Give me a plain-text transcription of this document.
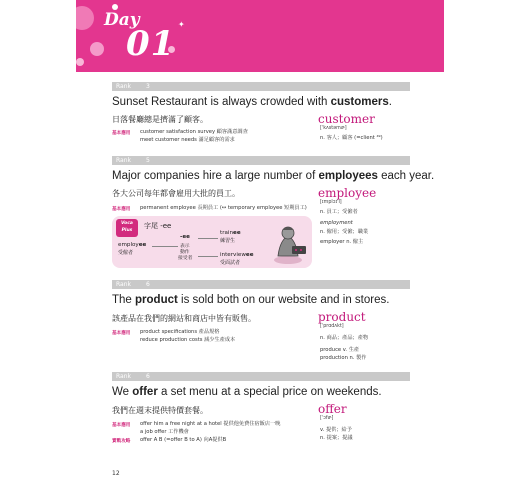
Day
01 ✦
Rank	3
Sunset Restaurant is always crowded with customers.
日落餐廳總是擠滿了顧客。
基本應用 customer satisfaction survey 顧客滿意調查
meet customer needs 滿足顧客的需求
customer
[ˈkʌstəmɚ]
n. 客人；顧客 (=client ⁴⁹)
Rank	5
Major companies hire a large number of employees each year.
各大公司每年都會雇用大批的員工。
基本應用 permanent employee 長期員工 (↔ temporary employee 短期員工)
employee
[ɪmplɔɪˈi]
n. 員工；受僱者
employment
n. 僱用；受僱；職業
employer n. 僱主
Voca
Plus
字尾 -ee
employee
受僱者
-ee
表示
動作
接受者
trainee
練習生
interviewee
受面試者
Rank	6
The product is sold both on our website and in stores.
該產品在我們的網站和商店中皆有販售。
基本應用 product specifications 產品規格
reduce production costs 減少生產成本
product
[ˈprɑdʌkt]
n. 商品；產品；產物
produce v. 生產
production n. 製作
Rank	6
We offer a set menu at a special price on weekends.
我們在週末提供特價套餐。
基本應用 offer him a free night at a hotel 提供他免費住宿飯店一晚
a job offer 工作機會
實戰攻略 offer A B (=offer B to A) 向A提供B
offer
[ˈɔfɚ]
v. 提供；給予
n. 提案；提議
12
